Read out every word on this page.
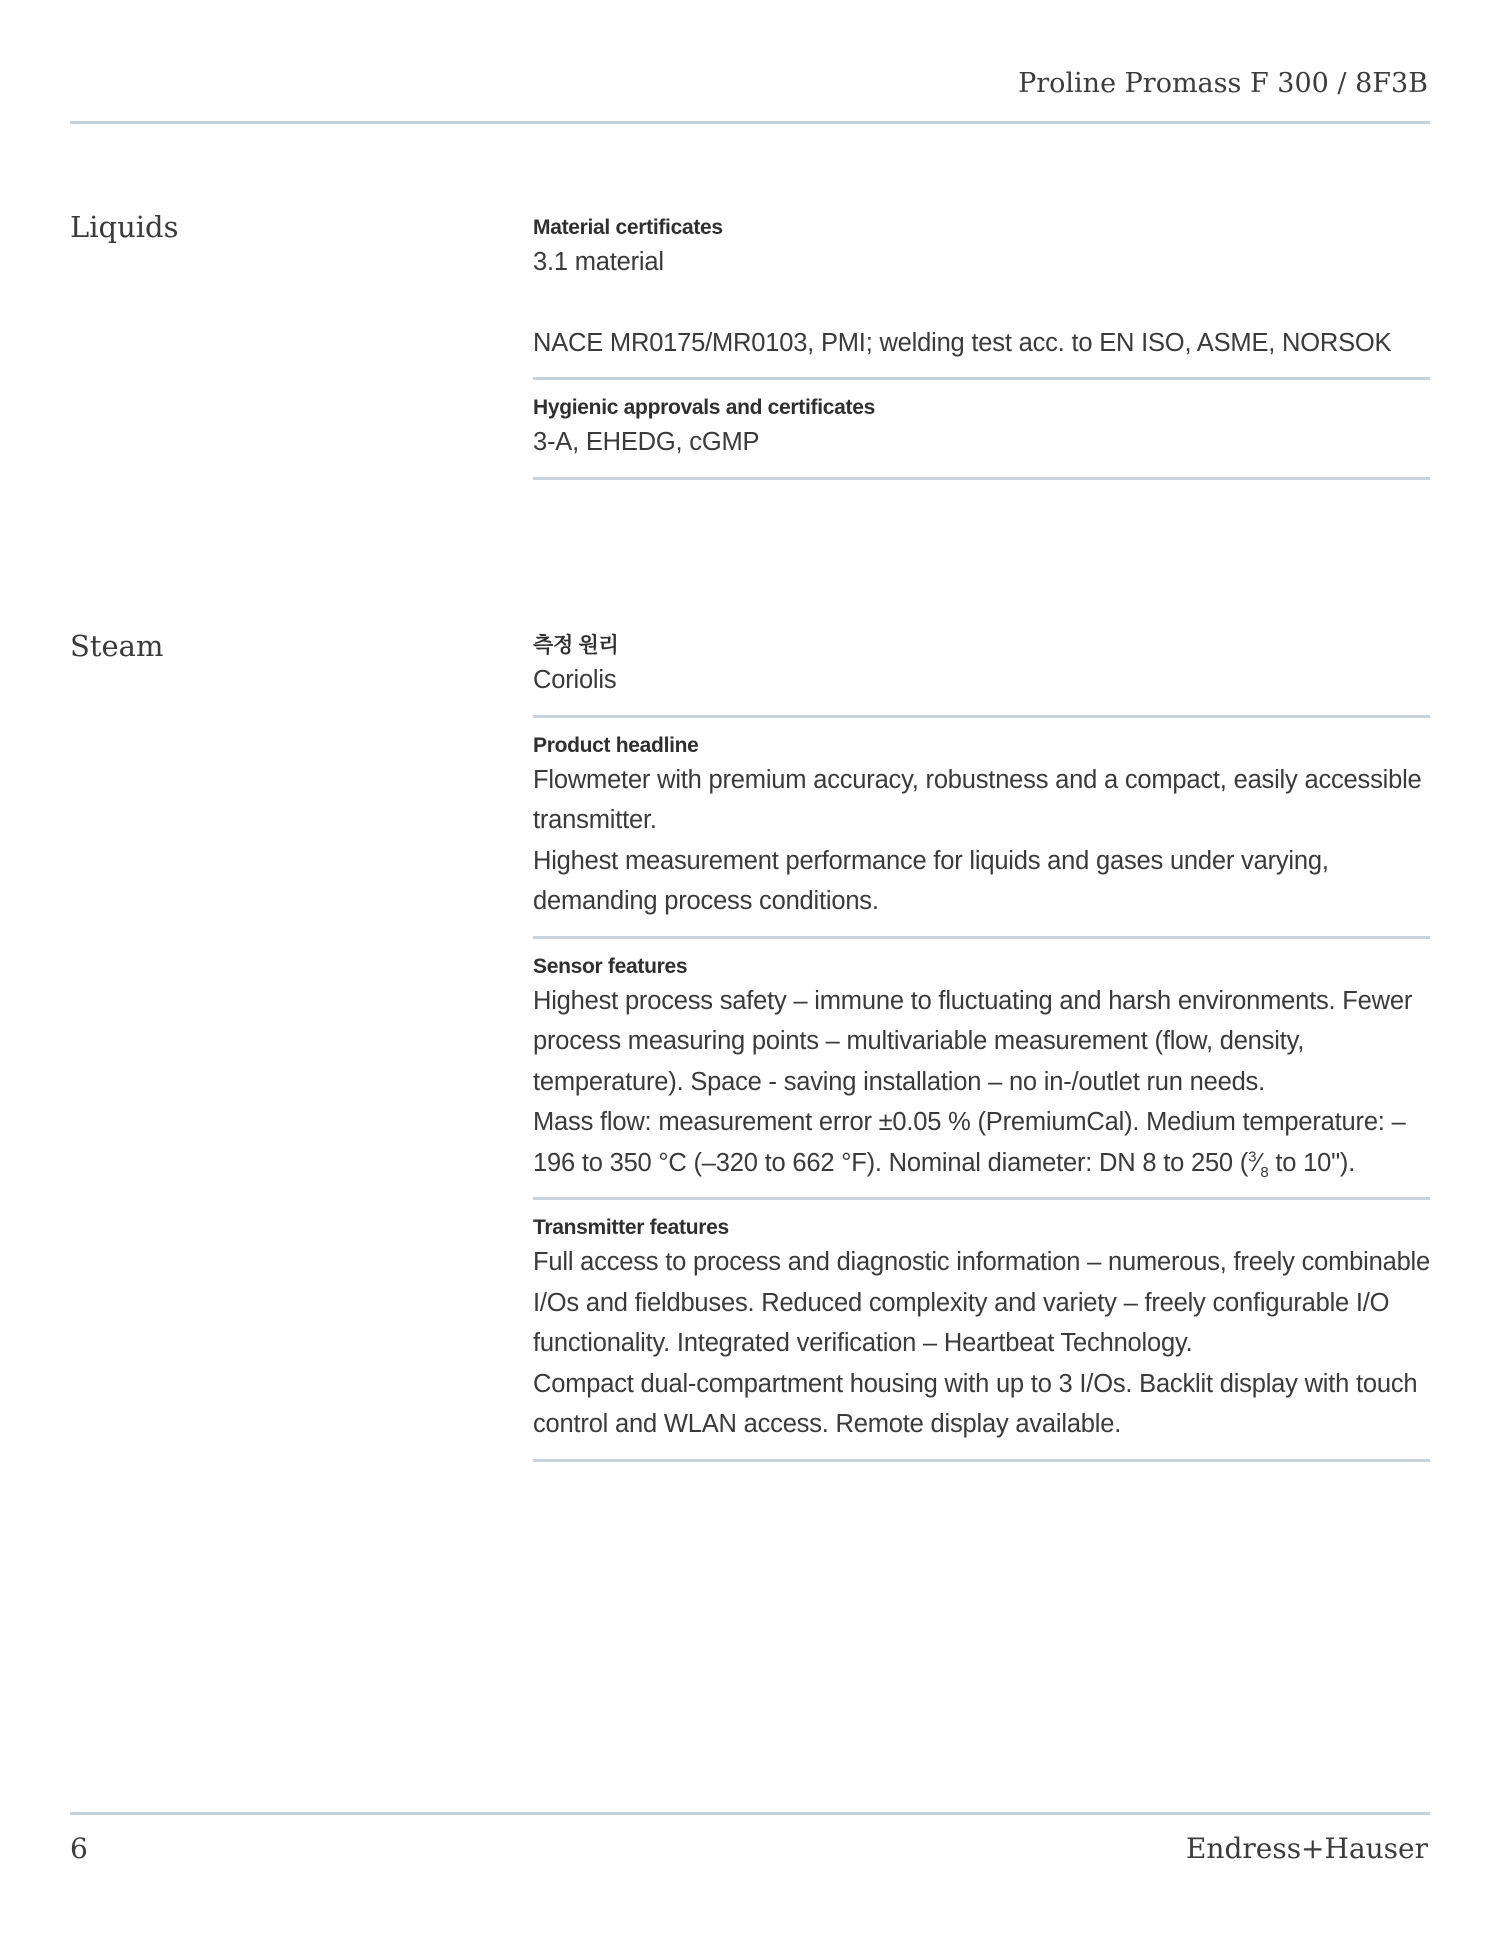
Proline Promass F 300 / 8F3B
Liquids	Material certificates
3.1 material
NACE MR0175/MR0103, PMI; welding test acc. to EN ISO, ASME, NORSOK
Hygienic approvals and certificates
3-A, EHEDG, cGMP
Steam	측정 원리
Coriolis
Product headline
Flowmeter with premium accuracy, robustness and a compact, easily accessible transmitter.
Highest measurement performance for liquids and gases under varying, demanding process conditions.
Sensor features
Highest process safety – immune to fluctuating and harsh environments. Fewer process measuring points – multivariable measurement (flow, density, temperature). Space - saving installation – no in-/outlet run needs.
Mass flow: measurement error ±0.05 % (PremiumCal). Medium temperature: –196 to 350 °C (–320 to 662 °F). Nominal diameter: DN 8 to 250 ($^3⁄_8$ to 10").
Transmitter features
Full access to process and diagnostic information – numerous, freely combinable I/Os and fieldbuses. Reduced complexity and variety – freely configurable I/O functionality. Integrated verification – Heartbeat Technology.
Compact dual-compartment housing with up to 3 I/Os. Backlit display with touch control and WLAN access. Remote display available.
6	Endress+Hauser
